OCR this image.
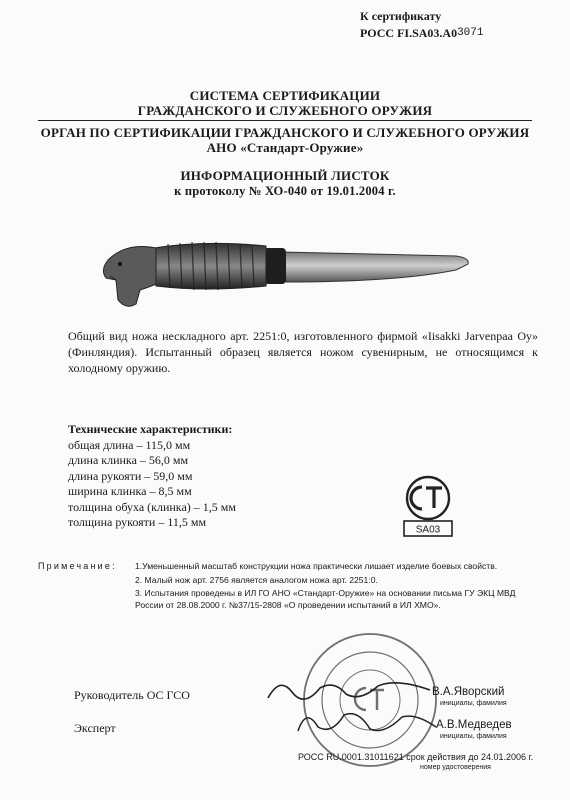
К сертификату
РОСС FI.SA03.A03071
СИСТЕМА СЕРТИФИКАЦИИ
ГРАЖДАНСКОГО И СЛУЖЕБНОГО ОРУЖИЯ
ОРГАН ПО СЕРТИФИКАЦИИ ГРАЖДАНСКОГО И СЛУЖЕБНОГО ОРУЖИЯ
АНО «Стандарт-Оружие»
ИНФОРМАЦИОННЫЙ ЛИСТОК
к протоколу № ХО-040 от 19.01.2004 г.
Общий вид ножа нескладного арт. 2251:0, изготовленного фирмой «Iisakki Jarvenpaa Oy» (Финляндия). Испытанный образец является ножом сувенирным, не относящимся к холодному оружию.
Технические характеристики:
общая длина – 115,0 мм
длина клинка – 56,0 мм
длина рукояти – 59,0 мм
ширина клинка – 8,5 мм
толщина обуха (клинка) – 1,5 мм
толщина рукояти – 11,5 мм
SA03
Примечание: 1.Уменьшенный масштаб конструкции ножа практически лишает изделие боевых свойств.
2. Малый нож арт. 2756 является аналогом ножа арт. 2251:0.
3. Испытания проведены в ИЛ ГО АНО «Стандарт-Оружие» на основании письма ГУ ЭКЦ МВД России от 28.08.2000 г. №37/15-2808 «О проведении испытаний в ИЛ ХМО».
Руководитель ОС ГСО	В.А.Яворский
инициалы, фамилия
Эксперт	А.В.Медведев
инициалы, фамилия
РОСС RU.0001.31011621 срок действия до 24.01.2006 г.
номер удостоверения
